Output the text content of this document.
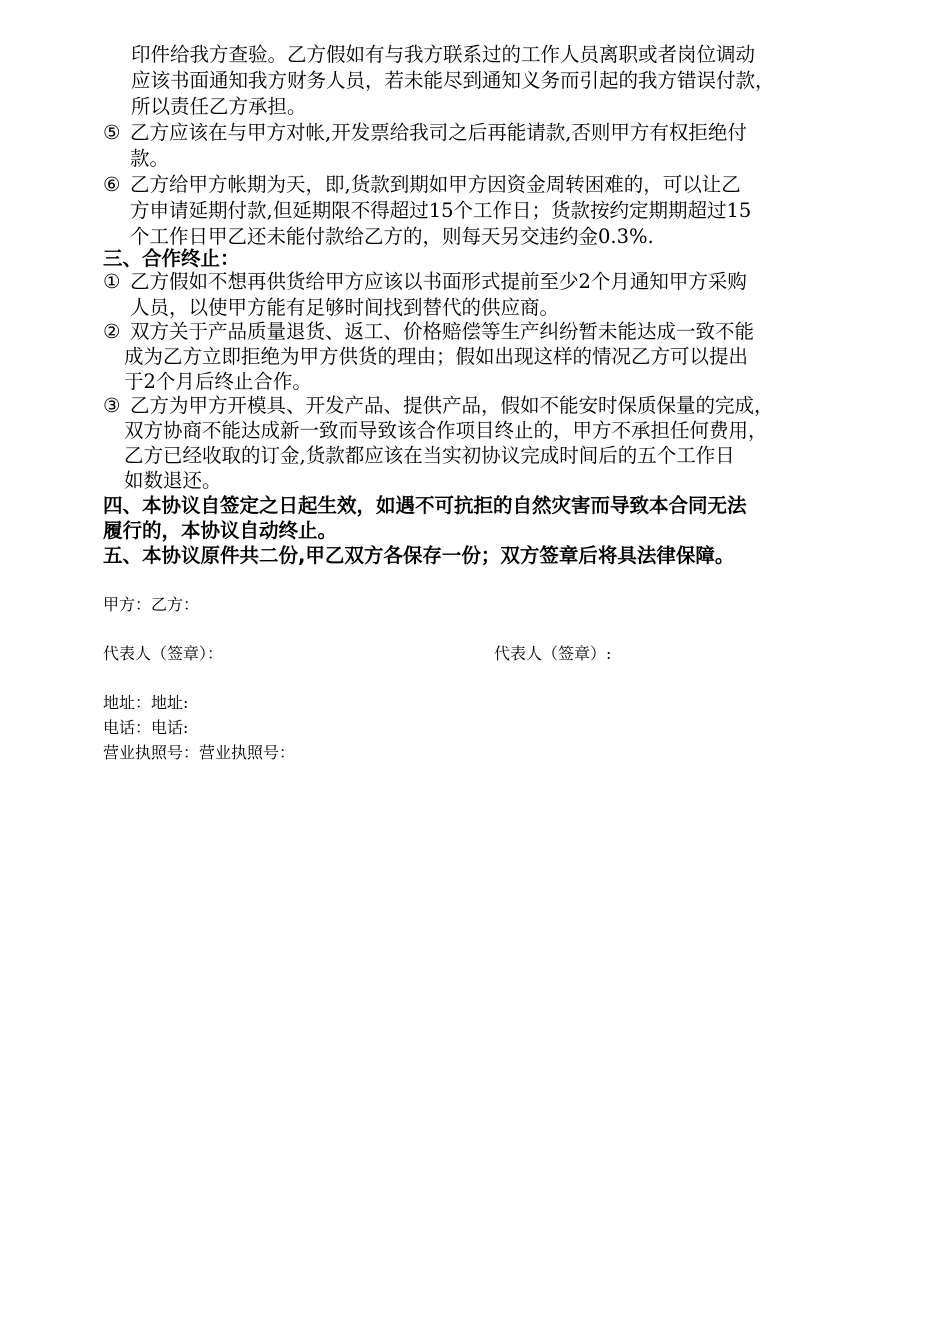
印件给我方查验。乙方假如有与我方联系过的工作人员离职或者岗位调动
应该书面通知我方财务人员，若未能尽到通知义务而引起的我方错误付款，
所以责任乙方承担。
⑤ 乙方应该在与甲方对帐,开发票给我司之后再能请款,否则甲方有权拒绝付
款。
⑥ 乙方给甲方帐期为天，即,货款到期如甲方因资金周转困难的，可以让乙
方申请延期付款,但延期限不得超过15个工作日；货款按约定期期超过15
个工作日甲乙还未能付款给乙方的，则每天另交违约金0.3%.
三、合作终止：
① 乙方假如不想再供货给甲方应该以书面形式提前至少2个月通知甲方采购
人员，以使甲方能有足够时间找到替代的供应商。
② 双方关于产品质量退货、返工、价格赔偿等生产纠纷暂未能达成一致不能
成为乙方立即拒绝为甲方供货的理由；假如出现这样的情况乙方可以提出
于2个月后终止合作。
③ 乙方为甲方开模具、开发产品、提供产品，假如不能安时保质保量的完成，
双方协商不能达成新一致而导致该合作项目终止的，甲方不承担任何费用，
乙方已经收取的订金,货款都应该在当实初协议完成时间后的五个工作日
如数退还。
四、本协议自签定之日起生效，如遇不可抗拒的自然灾害而导致本合同无法
履行的，本协议自动终止。
五、本协议原件共二份,甲乙双方各保存一份；双方签章后将具法律保障。
甲方：乙方：
代表人（签章）：	代表人（签章）:
地址：地址:
电话：电话:
营业执照号：营业执照号：
